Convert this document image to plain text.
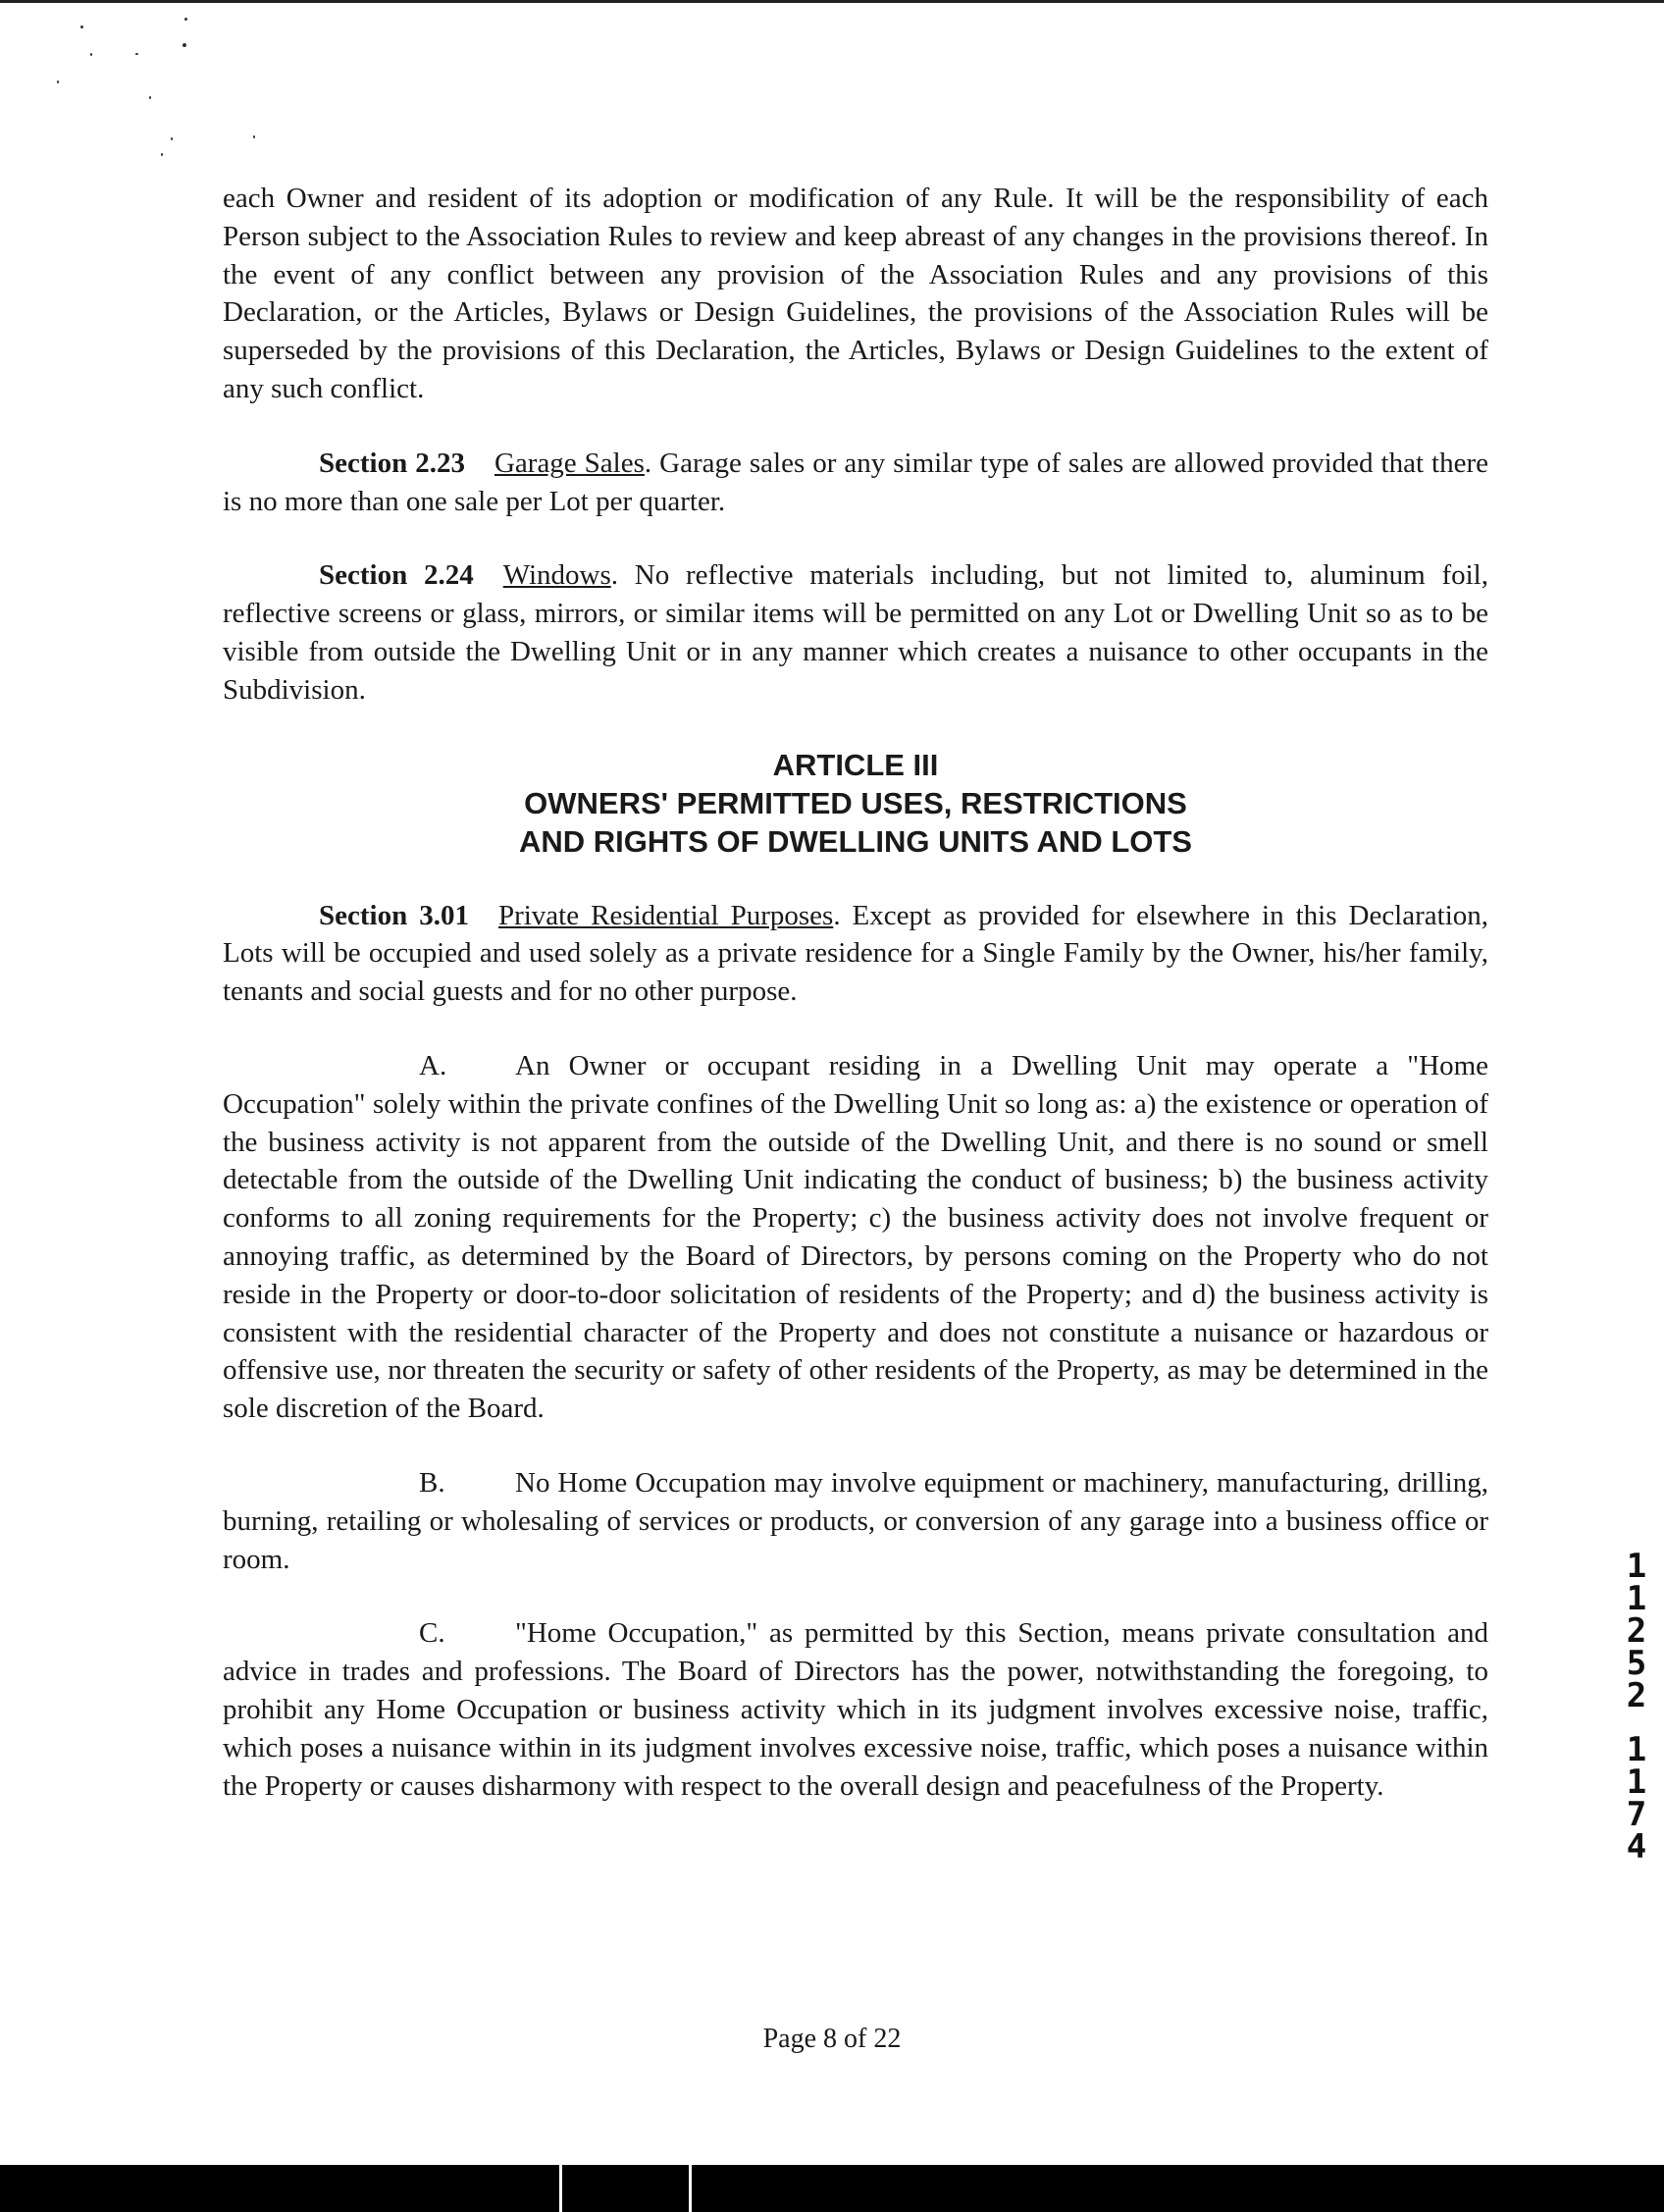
each Owner and resident of its adoption or modification of any Rule. It will be the responsibility of each Person subject to the Association Rules to review and keep abreast of any changes in the provisions thereof. In the event of any conflict between any provision of the Association Rules and any provisions of this Declaration, or the Articles, Bylaws or Design Guidelines, the provisions of the Association Rules will be superseded by the provisions of this Declaration, the Articles, Bylaws or Design Guidelines to the extent of any such conflict.

Section 2.23 Garage Sales. Garage sales or any similar type of sales are allowed provided that there is no more than one sale per Lot per quarter.

Section 2.24 Windows. No reflective materials including, but not limited to, aluminum foil, reflective screens or glass, mirrors, or similar items will be permitted on any Lot or Dwelling Unit so as to be visible from outside the Dwelling Unit or in any manner which creates a nuisance to other occupants in the Subdivision.

ARTICLE III
OWNERS' PERMITTED USES, RESTRICTIONS
AND RIGHTS OF DWELLING UNITS AND LOTS

Section 3.01 Private Residential Purposes. Except as provided for elsewhere in this Declaration, Lots will be occupied and used solely as a private residence for a Single Family by the Owner, his/her family, tenants and social guests and for no other purpose.

A. An Owner or occupant residing in a Dwelling Unit may operate a "Home Occupation" solely within the private confines of the Dwelling Unit so long as: a) the existence or operation of the business activity is not apparent from the outside of the Dwelling Unit, and there is no sound or smell detectable from the outside of the Dwelling Unit indicating the conduct of business; b) the business activity conforms to all zoning requirements for the Property; c) the business activity does not involve frequent or annoying traffic, as determined by the Board of Directors, by persons coming on the Property who do not reside in the Property or door-to-door solicitation of residents of the Property; and d) the business activity is consistent with the residential character of the Property and does not constitute a nuisance or hazardous or offensive use, nor threaten the security or safety of other residents of the Property, as may be determined in the sole discretion of the Board.

B. No Home Occupation may involve equipment or machinery, manufacturing, drilling, burning, retailing or wholesaling of services or products, or conversion of any garage into a business office or room.

C. "Home Occupation," as permitted by this Section, means private consultation and advice in trades and professions. The Board of Directors has the power, notwithstanding the foregoing, to prohibit any Home Occupation or business activity which in its judgment involves excessive noise, traffic, which poses a nuisance within in its judgment involves excessive noise, traffic, which poses a nuisance within the Property or causes disharmony with respect to the overall design and peacefulness of the Property.

1
1
2
5
2
1
1
7
4
Page 8 of 22
